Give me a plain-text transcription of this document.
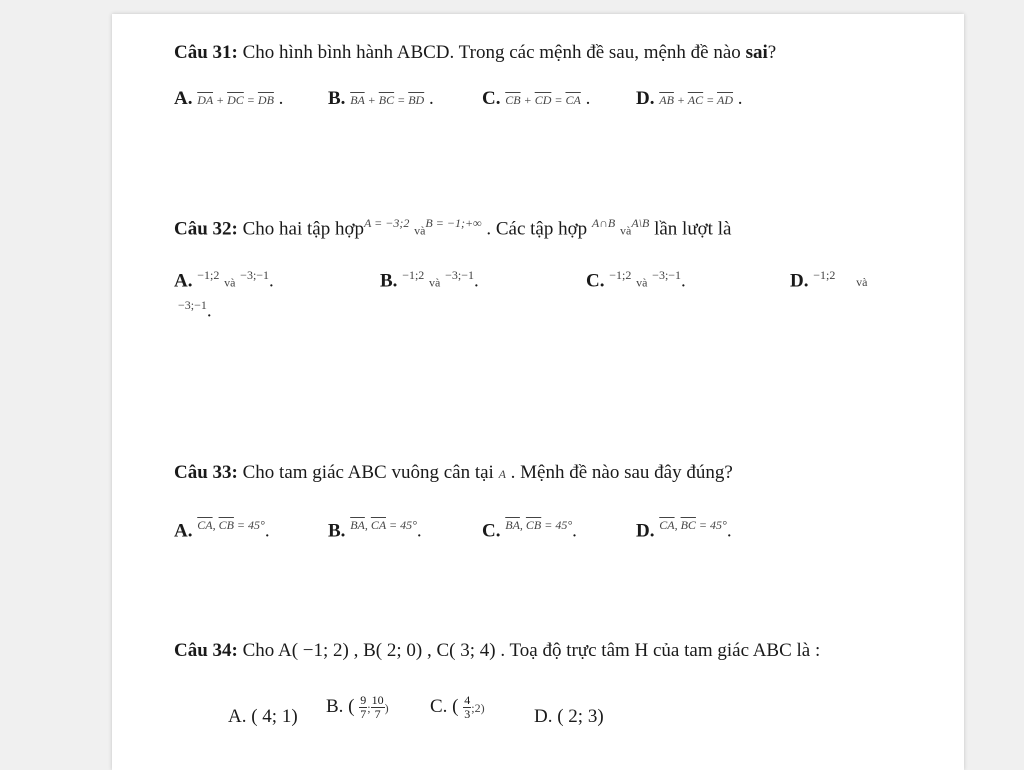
Câu 31: Cho hình bình hành ABCD. Trong các mệnh đề sau, mệnh đề nào sai?
A. $\overline{DA} + \overline{DC} = \overline{DB}$ . B. $\overline{BA} + \overline{BC} = \overline{BD}$ .	C. $\overline{CB} + \overline{CD} = \overline{CA}$ . D. $\overline{AB} + \overline{AC} = \overline{AD}$ .
Câu 32: Cho hai tập hợp$^{A = -3;2}$ $và^{B = -1;+\infty}$ . Các tập hợp $^{A\cap B}$ $và^{A\backslash B}$ lần lượt là
A. $^{-1;2}$ và $^{-3;-1}$.	B. $^{-1;2}$ và $^{-3;-1}$.	C. $^{-1;2}$ và $^{-3;-1}$.	D. $^{-1;2}$ và
$^{-3;-1}$.
Câu 33: Cho tam giác ABC vuông cân tại A . Mệnh đề nào sau đây đúng?
A. $^{\overline{CA}, \overline{CB} = 45^\circ}$.	B. $^{\overline{BA}, \overline{CA} = 45^\circ}$.	C. $^{\overline{BA}, \overline{CB} = 45^\circ}$.	D. $^{\overline{CA}, \overline{BC} = 45^\circ}$.
Câu 34: Cho A( −1; 2) , B( 2; 0) , C( 3; 4) . Toạ độ trực tâm H của tam giác ABC là :
A. ( 4; 1) B. ( $\frac{9}{7}$ ; $\frac{10}{7}$ ) C. ( $\frac{4}{3}$ ;2)	D. ( 2; 3)
